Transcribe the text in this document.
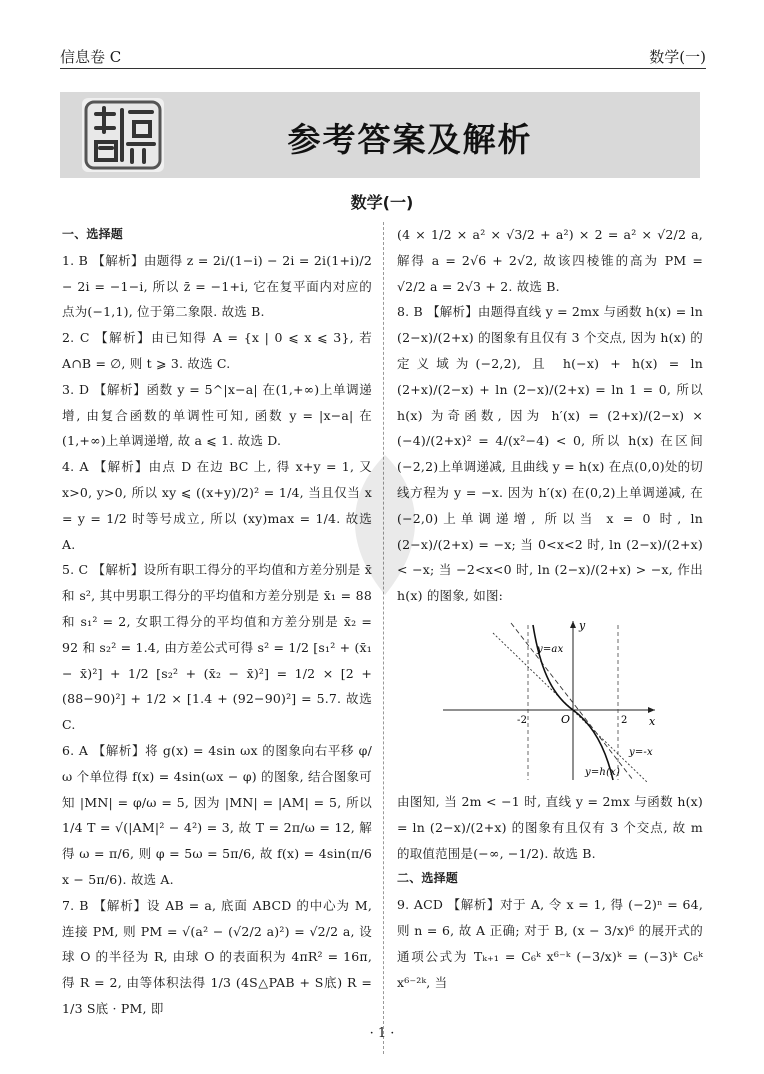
信息卷 C	数学(一)
参考答案及解析
数学(一)
一、选择题

1. B 【解析】由题得 z = 2i/(1−i) − 2i = 2i(1+i)/2 − 2i = −1−i, 所以 z̄ = −1+i, 它在复平面内对应的点为(−1,1), 位于第二象限. 故选 B.

2. C 【解析】由已知得 A = {x | 0 ⩽ x ⩽ 3}, 若 A∩B = ∅, 则 t ⩾ 3. 故选 C.

3. D 【解析】函数 y = 5^|x−a| 在(1,+∞)上单调递增, 由复合函数的单调性可知, 函数 y = |x−a| 在(1,+∞)上单调递增, 故 a ⩽ 1. 故选 D.

4. A 【解析】由点 D 在边 BC 上, 得 x+y = 1, 又 x>0, y>0, 所以 xy ⩽ ((x+y)/2)² = 1/4, 当且仅当 x = y = 1/2 时等号成立, 所以 (xy)max = 1/4. 故选 A.

5. C 【解析】设所有职工得分的平均值和方差分别是 x̄ 和 s², 其中男职工得分的平均值和方差分别是 x̄₁ = 88 和 s₁² = 2, 女职工得分的平均值和方差分别是 x̄₂ = 92 和 s₂² = 1.4, 由方差公式可得 s² = 1/2 [s₁² + (x̄₁ − x̄)²] + 1/2 [s₂² + (x̄₂ − x̄)²] = 1/2 × [2 + (88−90)²] + 1/2 × [1.4 + (92−90)²] = 5.7. 故选 C.

6. A 【解析】将 g(x) = 4sin ωx 的图象向右平移 φ/ω 个单位得 f(x) = 4sin(ωx − φ) 的图象, 结合图象可知 |MN| = φ/ω = 5, 因为 |MN| = |AM| = 5, 所以 1/4 T = √(|AM|² − 4²) = 3, 故 T = 2π/ω = 12, 解得 ω = π/6, 则 φ = 5ω = 5π/6, 故 f(x) = 4sin(π/6 x − 5π/6). 故选 A.

7. B 【解析】设 AB = a, 底面 ABCD 的中心为 M, 连接 PM, 则 PM = √(a² − (√2/2 a)²) = √2/2 a, 设球 O 的半径为 R, 由球 O 的表面积为 4πR² = 16π, 得 R = 2, 由等体积法得 1/3 (4S△PAB + S底) R = 1/3 S底 · PM, 即

(4 × 1/2 × a² × √3/2 + a²) × 2 = a² × √2/2 a, 解得 a = 2√6 + 2√2, 故该四棱锥的高为 PM = √2/2 a = 2√3 + 2. 故选 B.

8. B 【解析】由题得直线 y = 2mx 与函数 h(x) = ln (2−x)/(2+x) 的图象有且仅有 3 个交点, 因为 h(x) 的定义域为(−2,2), 且 h(−x) + h(x) = ln (2+x)/(2−x) + ln (2−x)/(2+x) = ln 1 = 0, 所以 h(x) 为奇函数, 因为 h′(x) = (2+x)/(2−x) × (−4)/(2+x)² = 4/(x²−4) < 0, 所以 h(x) 在区间(−2,2)上单调递减, 且曲线 y = h(x) 在点(0,0)处的切线方程为 y = −x. 因为 h′(x) 在(0,2)上单调递减, 在(−2,0)上单调递增, 所以当 x = 0 时, ln (2−x)/(2+x) = −x; 当 0<x<2 时, ln (2−x)/(2+x) < −x; 当 −2<x<0 时, ln (2−x)/(2+x) > −x, 作出 h(x) 的图象, 如图:

y
x
O
-2	2
y=ax
y=-x
y=h(x)

由图知, 当 2m < −1 时, 直线 y = 2mx 与函数 h(x) = ln (2−x)/(2+x) 的图象有且仅有 3 个交点, 故 m 的取值范围是(−∞, −1/2). 故选 B.

二、选择题

9. ACD 【解析】对于 A, 令 x = 1, 得 (−2)ⁿ = 64, 则 n = 6, 故 A 正确; 对于 B, (x − 3/x)⁶ 的展开式的通项公式为 Tₖ₊₁ = C₆ᵏ x⁶⁻ᵏ (−3/x)ᵏ = (−3)ᵏ C₆ᵏ x⁶⁻²ᵏ, 当

· 1 ·
